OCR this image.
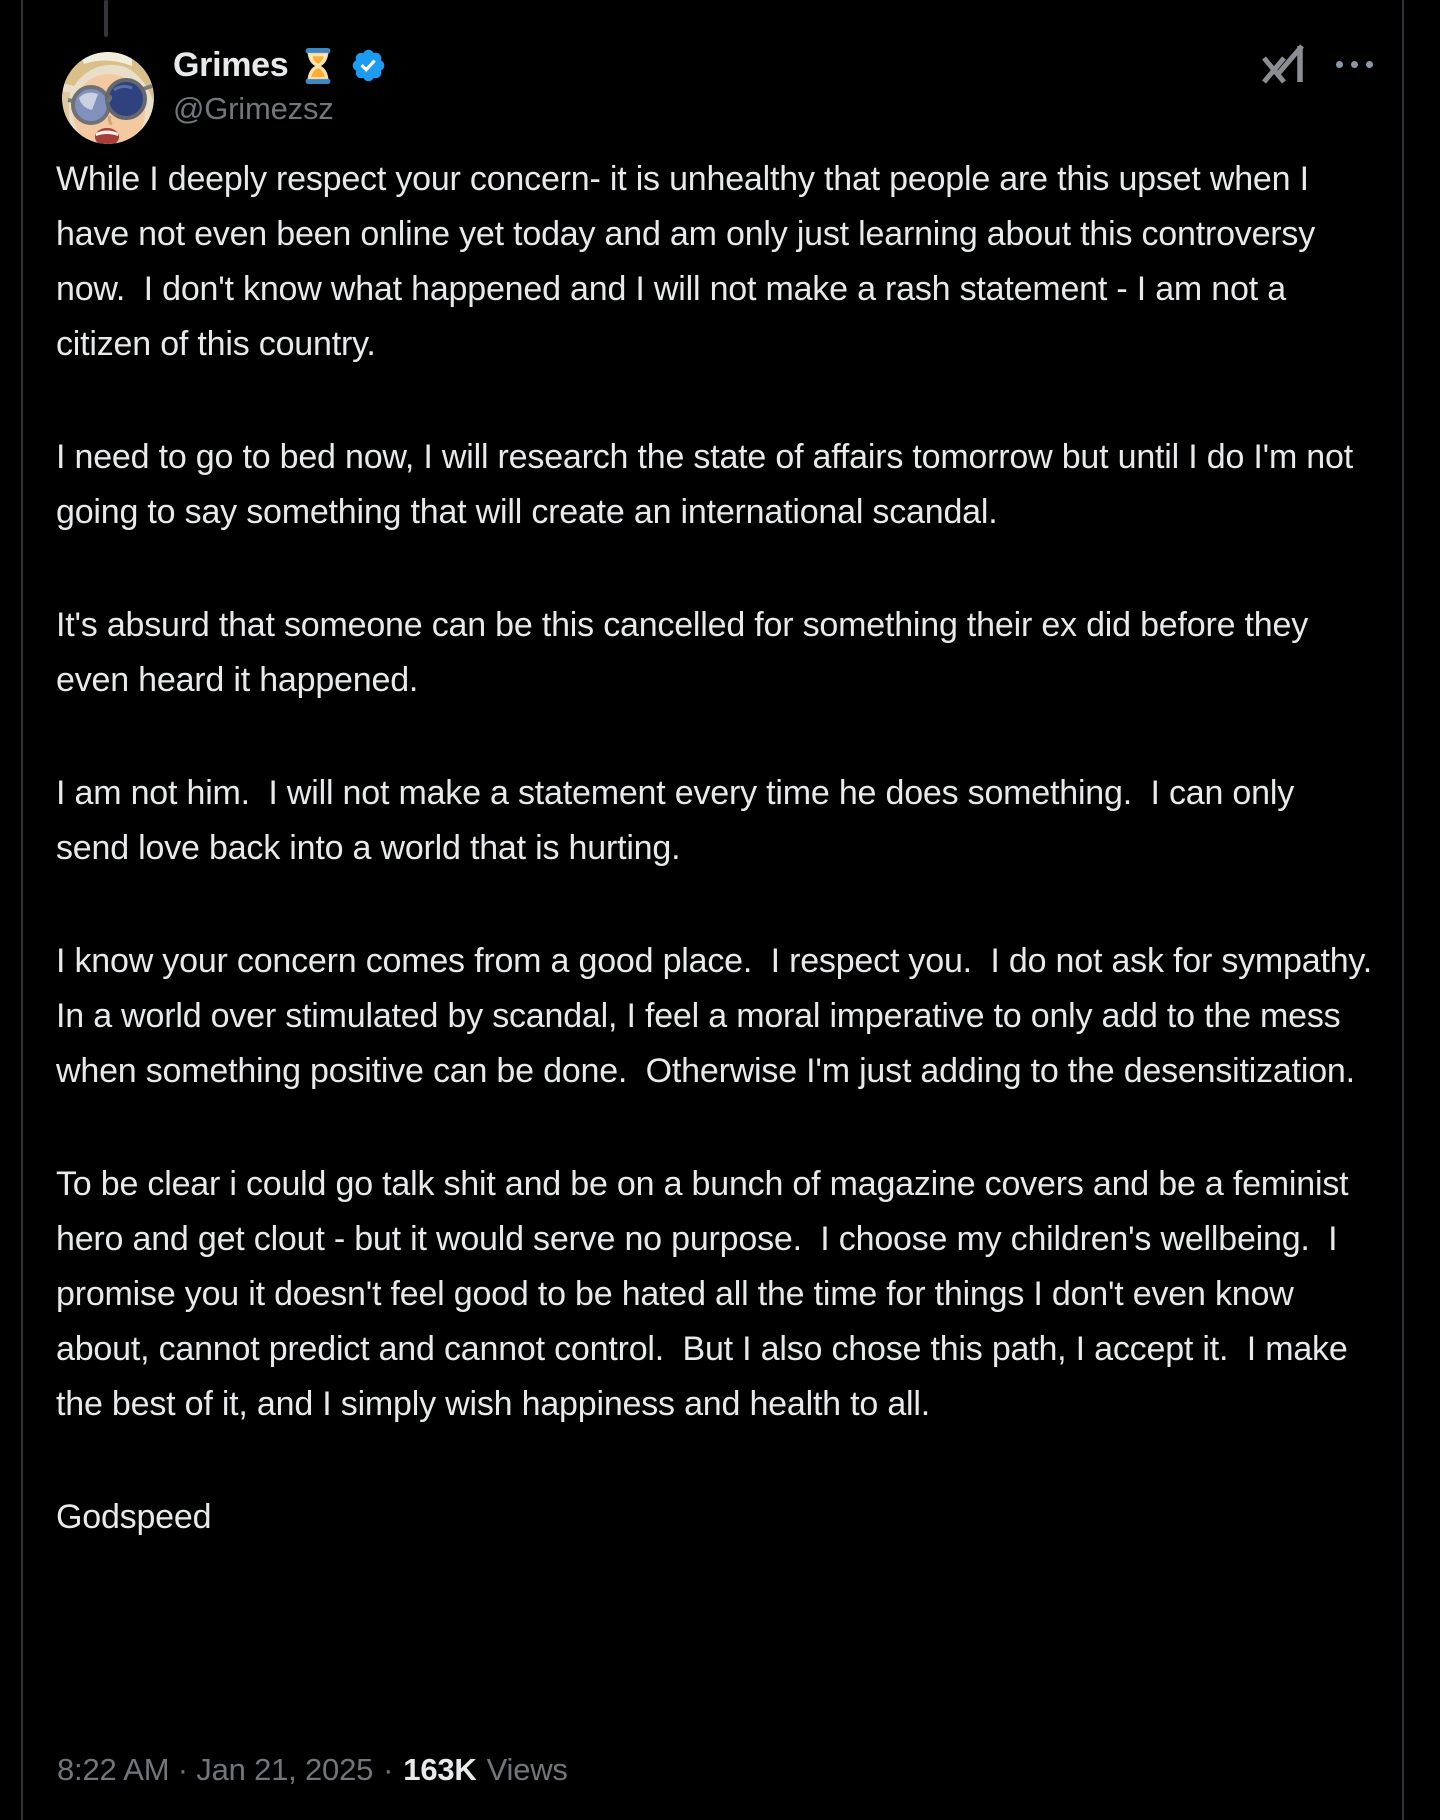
Grimes
@Grimezsz

While I deeply respect your concern- it is unhealthy that people are this upset when I have not even been online yet today and am only just learning about this controversy now.  I don't know what happened and I will not make a rash statement - I am not a citizen of this country.

I need to go to bed now, I will research the state of affairs tomorrow but until I do I'm not going to say something that will create an international scandal.

It's absurd that someone can be this cancelled for something their ex did before they even heard it happened.

I am not him.  I will not make a statement every time he does something.  I can only send love back into a world that is hurting.

I know your concern comes from a good place.  I respect you.  I do not ask for sympathy.  In a world over stimulated by scandal, I feel a moral imperative to only add to the mess when something positive can be done.  Otherwise I'm just adding to the desensitization.

To be clear i could go talk shit and be on a bunch of magazine covers and be a feminist hero and get clout - but it would serve no purpose.  I choose my children's wellbeing.  I promise you it doesn't feel good to be hated all the time for things I don't even know about, cannot predict and cannot control.  But I also chose this path, I accept it.  I make the best of it, and I simply wish happiness and health to all.

Godspeed

8:22 AM · Jan 21, 2025 · 163K Views
